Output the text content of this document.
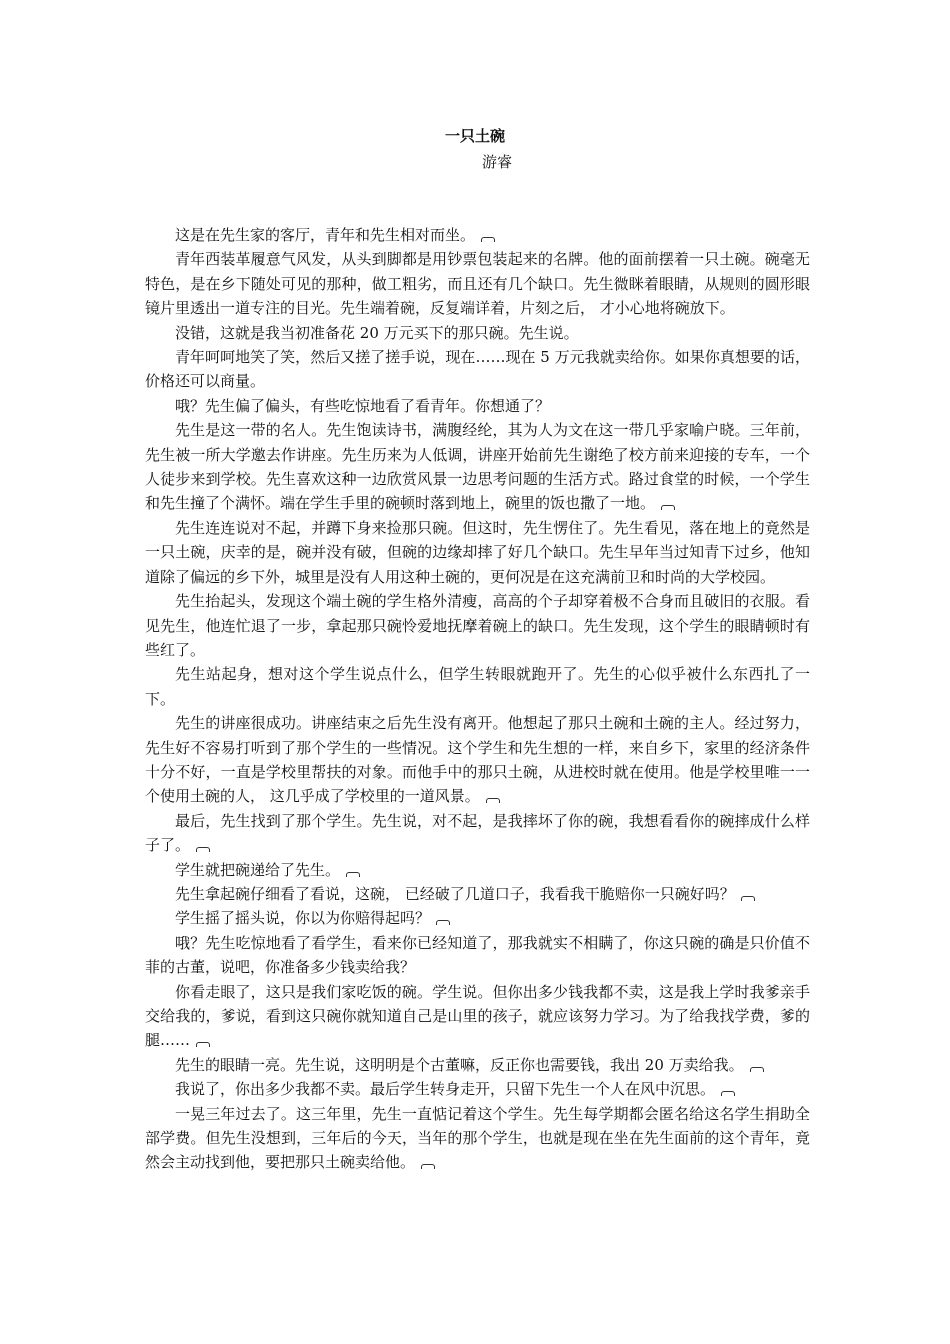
一只土碗
游睿

这是在先生家的客厅，青年和先生相对而坐。

青年西装革履意气风发，从头到脚都是用钞票包装起来的名牌。他的面前摆着一只土碗。碗毫无特色，是在乡下随处可见的那种，做工粗劣，而且还有几个缺口。先生微眯着眼睛，从规则的圆形眼镜片里透出一道专注的目光。先生端着碗，反复端详着，片刻之后， 才小心地将碗放下。

没错，这就是我当初准备花 20 万元买下的那只碗。先生说。

青年呵呵地笑了笑，然后又搓了搓手说，现在……现在 5 万元我就卖给你。如果你真想要的话，价格还可以商量。

哦？先生偏了偏头，有些吃惊地看了看青年。你想通了？

先生是这一带的名人。先生饱读诗书，满腹经纶，其为人为文在这一带几乎家喻户晓。三年前，先生被一所大学邀去作讲座。先生历来为人低调，讲座开始前先生谢绝了校方前来迎接的专车，一个人徒步来到学校。先生喜欢这种一边欣赏风景一边思考问题的生活方式。路过食堂的时候，一个学生和先生撞了个满怀。端在学生手里的碗顿时落到地上，碗里的饭也撒了一地。

先生连连说对不起，并蹲下身来捡那只碗。但这时，先生愣住了。先生看见，落在地上的竟然是一只土碗，庆幸的是，碗并没有破，但碗的边缘却摔了好几个缺口。先生早年当过知青下过乡，他知道除了偏远的乡下外，城里是没有人用这种土碗的，更何况是在这充满前卫和时尚的大学校园。

先生抬起头，发现这个端土碗的学生格外清瘦，高高的个子却穿着极不合身而且破旧的衣服。看见先生，他连忙退了一步，拿起那只碗怜爱地抚摩着碗上的缺口。先生发现，这个学生的眼睛顿时有些红了。

先生站起身，想对这个学生说点什么，但学生转眼就跑开了。先生的心似乎被什么东西扎了一下。

先生的讲座很成功。讲座结束之后先生没有离开。他想起了那只土碗和土碗的主人。经过努力，先生好不容易打听到了那个学生的一些情况。这个学生和先生想的一样，来自乡下，家里的经济条件十分不好，一直是学校里帮扶的对象。而他手中的那只土碗，从进校时就在使用。他是学校里唯一一个使用土碗的人， 这几乎成了学校里的一道风景。

最后，先生找到了那个学生。先生说，对不起，是我摔坏了你的碗，我想看看你的碗摔成什么样子了。

学生就把碗递给了先生。

先生拿起碗仔细看了看说，这碗， 已经破了几道口子，我看我干脆赔你一只碗好吗？

学生摇了摇头说，你以为你赔得起吗？

哦？先生吃惊地看了看学生，看来你已经知道了，那我就实不相瞒了，你这只碗的确是只价值不菲的古董，说吧，你准备多少钱卖给我？

你看走眼了，这只是我们家吃饭的碗。学生说。但你出多少钱我都不卖，这是我上学时我爹亲手交给我的，爹说，看到这只碗你就知道自己是山里的孩子，就应该努力学习。为了给我找学费，爹的腿……

先生的眼睛一亮。先生说，这明明是个古董嘛，反正你也需要钱，我出 20 万卖给我。

我说了，你出多少我都不卖。最后学生转身走开，只留下先生一个人在风中沉思。

一晃三年过去了。这三年里，先生一直惦记着这个学生。先生每学期都会匿名给这名学生捐助全部学费。但先生没想到，三年后的今天，当年的那个学生，也就是现在坐在先生面前的这个青年，竟然会主动找到他，要把那只土碗卖给他。
